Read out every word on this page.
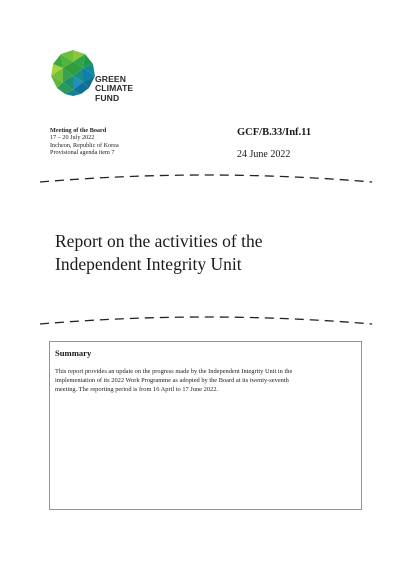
GREEN
CLIMATE
FUND
Meeting of the Board
17 – 20 July 2022
Incheon, Republic of Korea
Provisional agenda item 7
GCF/B.33/Inf.11
24 June 2022
Report on the activities of the
Independent Integrity Unit
Summary
This report provides an update on the progress made by the Independent Integrity Unit in the
implementation of its 2022 Work Programme as adopted by the Board at its twenty-seventh
meeting. The reporting period is from 16 April to 17 June 2022.
